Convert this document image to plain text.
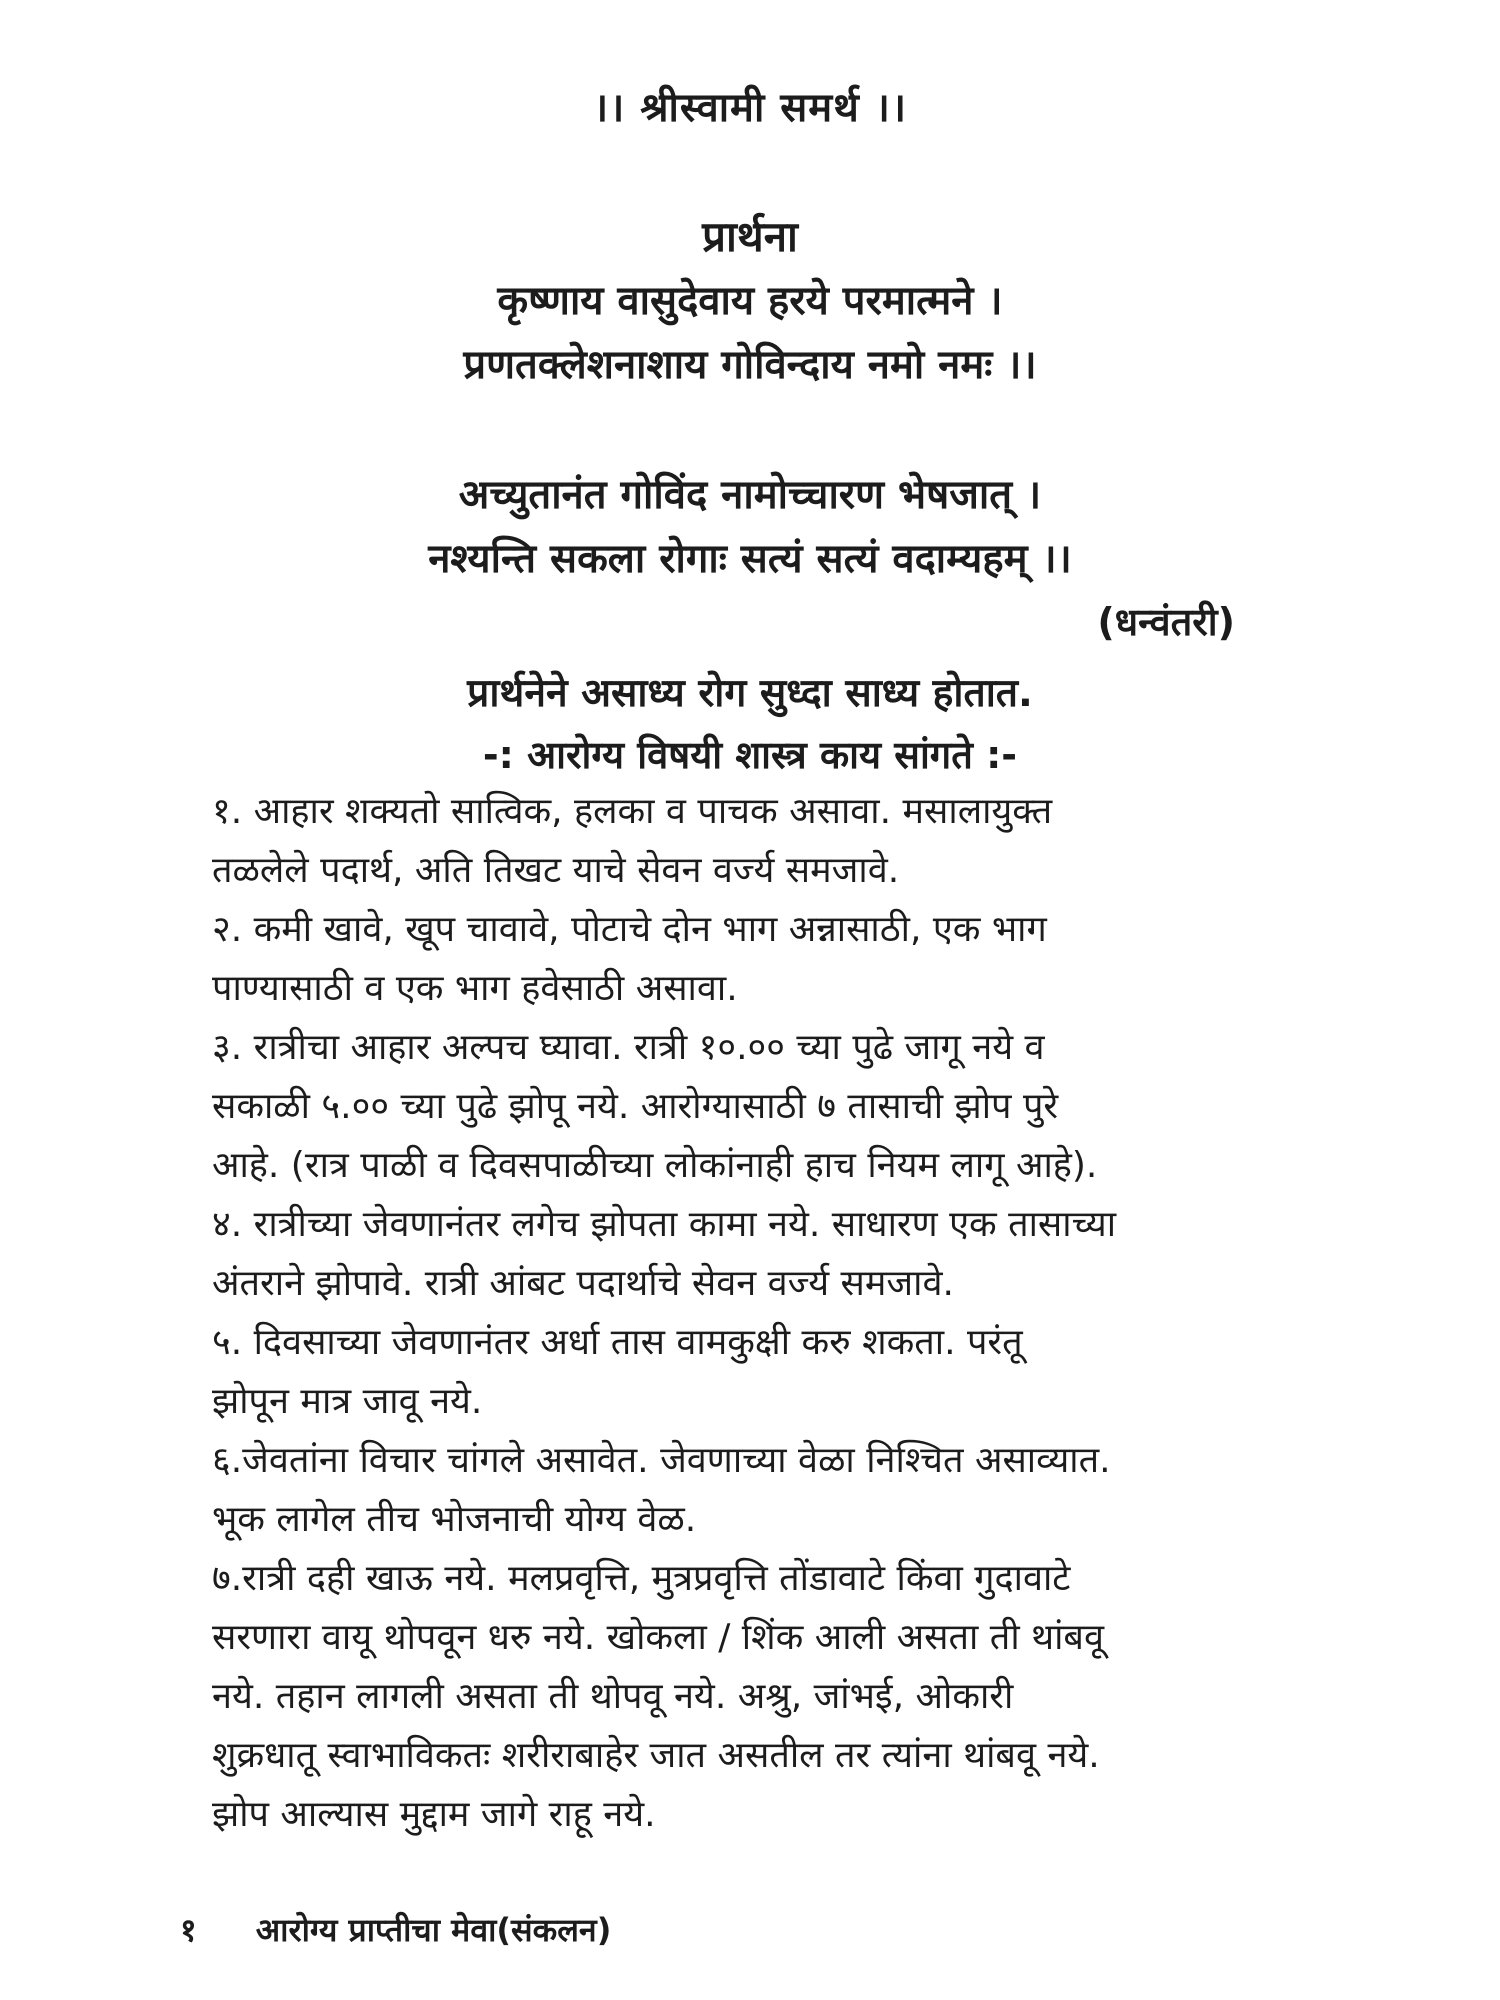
।। श्रीस्वामी समर्थ ।।
प्रार्थना
कृष्णाय वासुदेवाय हरये परमात्मने ।
प्रणतक्लेशनाशाय गोविन्दाय नमो नमः ।।
अच्युतानंत गोविंद नामोच्चारण भेषजात् ।
नश्यन्ति सकला रोगाः सत्यं सत्यं वदाम्यहम् ।।
(धन्वंतरी)
प्रार्थनेने असाध्य रोग सुध्दा साध्य होतात.
-: आरोग्य विषयी शास्त्र काय सांगते :-
१. आहार शक्यतो सात्विक, हलका व पाचक असावा. मसालायुक्त
तळलेले पदार्थ, अति तिखट याचे सेवन वर्ज्य समजावे.
२. कमी खावे, खूप चावावे, पोटाचे दोन भाग अन्नासाठी, एक भाग
पाण्यासाठी व एक भाग हवेसाठी असावा.
३. रात्रीचा आहार अल्पच घ्यावा. रात्री १०.०० च्या पुढे जागू नये व
सकाळी ५.०० च्या पुढे झोपू नये. आरोग्यासाठी ७ तासाची झोप पुरे
आहे. (रात्र पाळी व दिवसपाळीच्या लोकांनाही हाच नियम लागू आहे).
४. रात्रीच्या जेवणानंतर लगेच झोपता कामा नये. साधारण एक तासाच्या
अंतराने झोपावे. रात्री आंबट पदार्थाचे सेवन वर्ज्य समजावे.
५. दिवसाच्या जेवणानंतर अर्धा तास वामकुक्षी करु शकता. परंतू
झोपून मात्र जावू नये.
६.जेवतांना विचार चांगले असावेत. जेवणाच्या वेळा निश्चित असाव्यात.
भूक लागेल तीच भोजनाची योग्य वेळ.
७.रात्री दही खाऊ नये. मलप्रवृत्ति, मुत्रप्रवृत्ति तोंडावाटे किंवा गुदावाटे
सरणारा वायू थोपवून धरु नये. खोकला / शिंक आली असता ती थांबवू
नये. तहान लागली असता ती थोपवू नये. अश्रु, जांभई, ओकारी
शुक्रधातू स्वाभाविकतः शरीराबाहेर जात असतील तर त्यांना थांबवू नये.
झोप आल्यास मुद्दाम जागे राहू नये.
१ आरोग्य प्राप्तीचा मेवा(संकलन)
